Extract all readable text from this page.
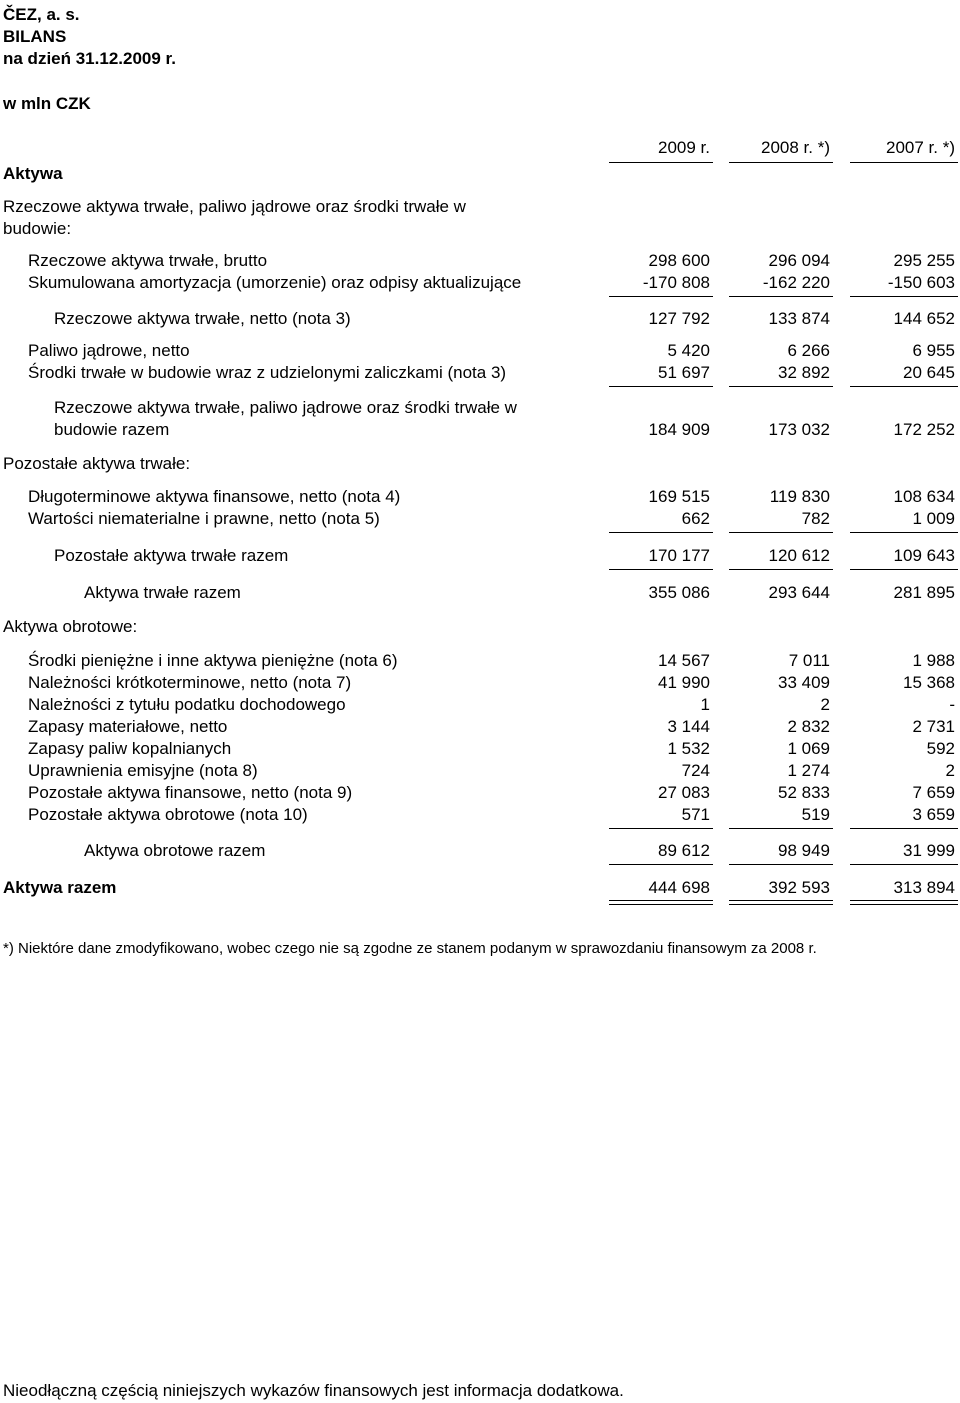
ČEZ, a. s.
BILANS
na dzień 31.12.2009 r.
w mln CZK
2009 r.	2008 r. *)	2007 r. *)
Aktywa
Rzeczowe aktywa trwałe, paliwo jądrowe oraz środki trwałe w
budowie:
Rzeczowe aktywa trwałe, brutto	298 600	296 094	295 255
Skumulowana amortyzacja (umorzenie) oraz odpisy aktualizujące	-170 808	-162 220	-150 603
Rzeczowe aktywa trwałe, netto (nota 3)	127 792	133 874	144 652
Paliwo jądrowe, netto	5 420	6 266	6 955
Środki trwałe w budowie wraz z udzielonymi zaliczkami (nota 3)	51 697	32 892	20 645
Rzeczowe aktywa trwałe, paliwo jądrowe oraz środki trwałe w
budowie razem	184 909	173 032	172 252
Pozostałe aktywa trwałe:
Długoterminowe aktywa finansowe, netto (nota 4)	169 515	119 830	108 634
Wartości niematerialne i prawne, netto (nota 5)	662	782	1 009
Pozostałe aktywa trwałe razem	170 177	120 612	109 643
Aktywa trwałe razem	355 086	293 644	281 895
Aktywa obrotowe:
Środki pieniężne i inne aktywa pieniężne (nota 6)	14 567	7 011	1 988
Należności krótkoterminowe, netto (nota 7)	41 990	33 409	15 368
Należności z tytułu podatku dochodowego	1	2	-
Zapasy materiałowe, netto	3 144	2 832	2 731
Zapasy paliw kopalnianych	1 532	1 069	592
Uprawnienia emisyjne (nota 8)	724	1 274	2
Pozostałe aktywa finansowe, netto (nota 9)	27 083	52 833	7 659
Pozostałe aktywa obrotowe (nota 10)	571	519	3 659
Aktywa obrotowe razem	89 612	98 949	31 999
Aktywa razem	444 698	392 593	313 894
*) Niektóre dane zmodyfikowano, wobec czego nie są zgodne ze stanem podanym w sprawozdaniu finansowym za 2008 r.
Nieodłączną częścią niniejszych wykazów finansowych jest informacja dodatkowa.
